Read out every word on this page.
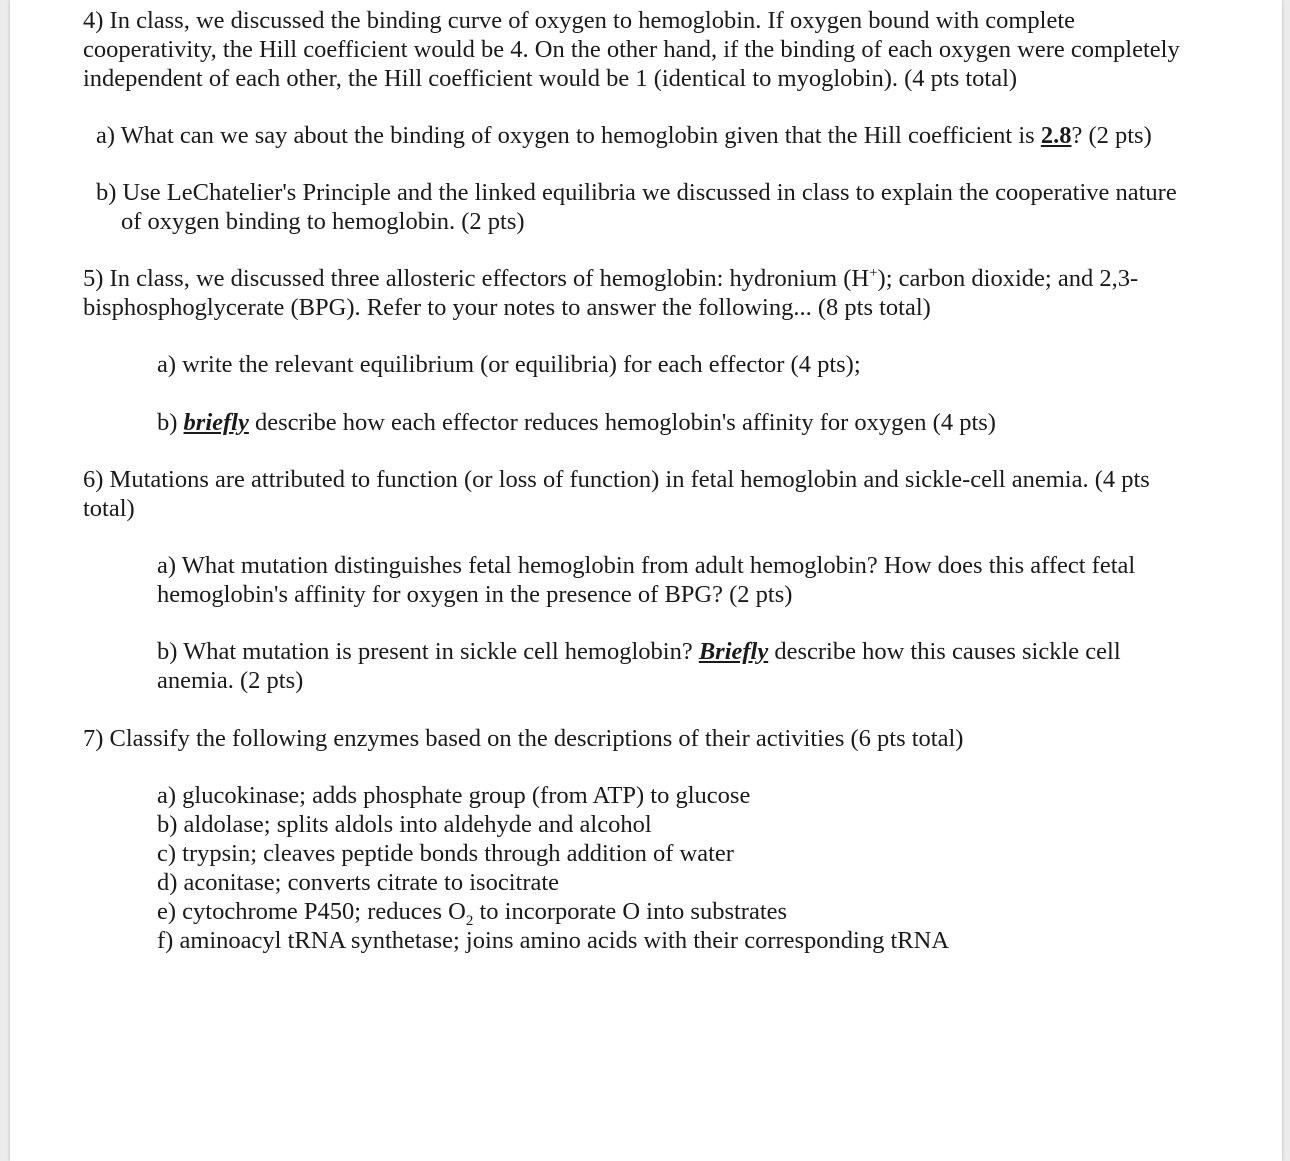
4) In class, we discussed the binding curve of oxygen to hemoglobin. If oxygen bound with complete
cooperativity, the Hill coefficient would be 4. On the other hand, if the binding of each oxygen were completely
independent of each other, the Hill coefficient would be 1 (identical to myoglobin). (4 pts total)
a) What can we say about the binding of oxygen to hemoglobin given that the Hill coefficient is 2.8? (2 pts)
b) Use LeChatelier's Principle and the linked equilibria we discussed in class to explain the cooperative nature
of oxygen binding to hemoglobin. (2 pts)
5) In class, we discussed three allosteric effectors of hemoglobin: hydronium (H+); carbon dioxide; and 2,3-
bisphosphoglycerate (BPG). Refer to your notes to answer the following... (8 pts total)
a) write the relevant equilibrium (or equilibria) for each effector (4 pts);
b) briefly describe how each effector reduces hemoglobin's affinity for oxygen (4 pts)
6) Mutations are attributed to function (or loss of function) in fetal hemoglobin and sickle-cell anemia. (4 pts
total)
a) What mutation distinguishes fetal hemoglobin from adult hemoglobin? How does this affect fetal
hemoglobin's affinity for oxygen in the presence of BPG? (2 pts)
b) What mutation is present in sickle cell hemoglobin? Briefly describe how this causes sickle cell
anemia. (2 pts)
7) Classify the following enzymes based on the descriptions of their activities (6 pts total)
a) glucokinase; adds phosphate group (from ATP) to glucose
b) aldolase; splits aldols into aldehyde and alcohol
c) trypsin; cleaves peptide bonds through addition of water
d) aconitase; converts citrate to isocitrate
e) cytochrome P450; reduces $O_2$ to incorporate O into substrates
f) aminoacyl tRNA synthetase; joins amino acids with their corresponding tRNA
